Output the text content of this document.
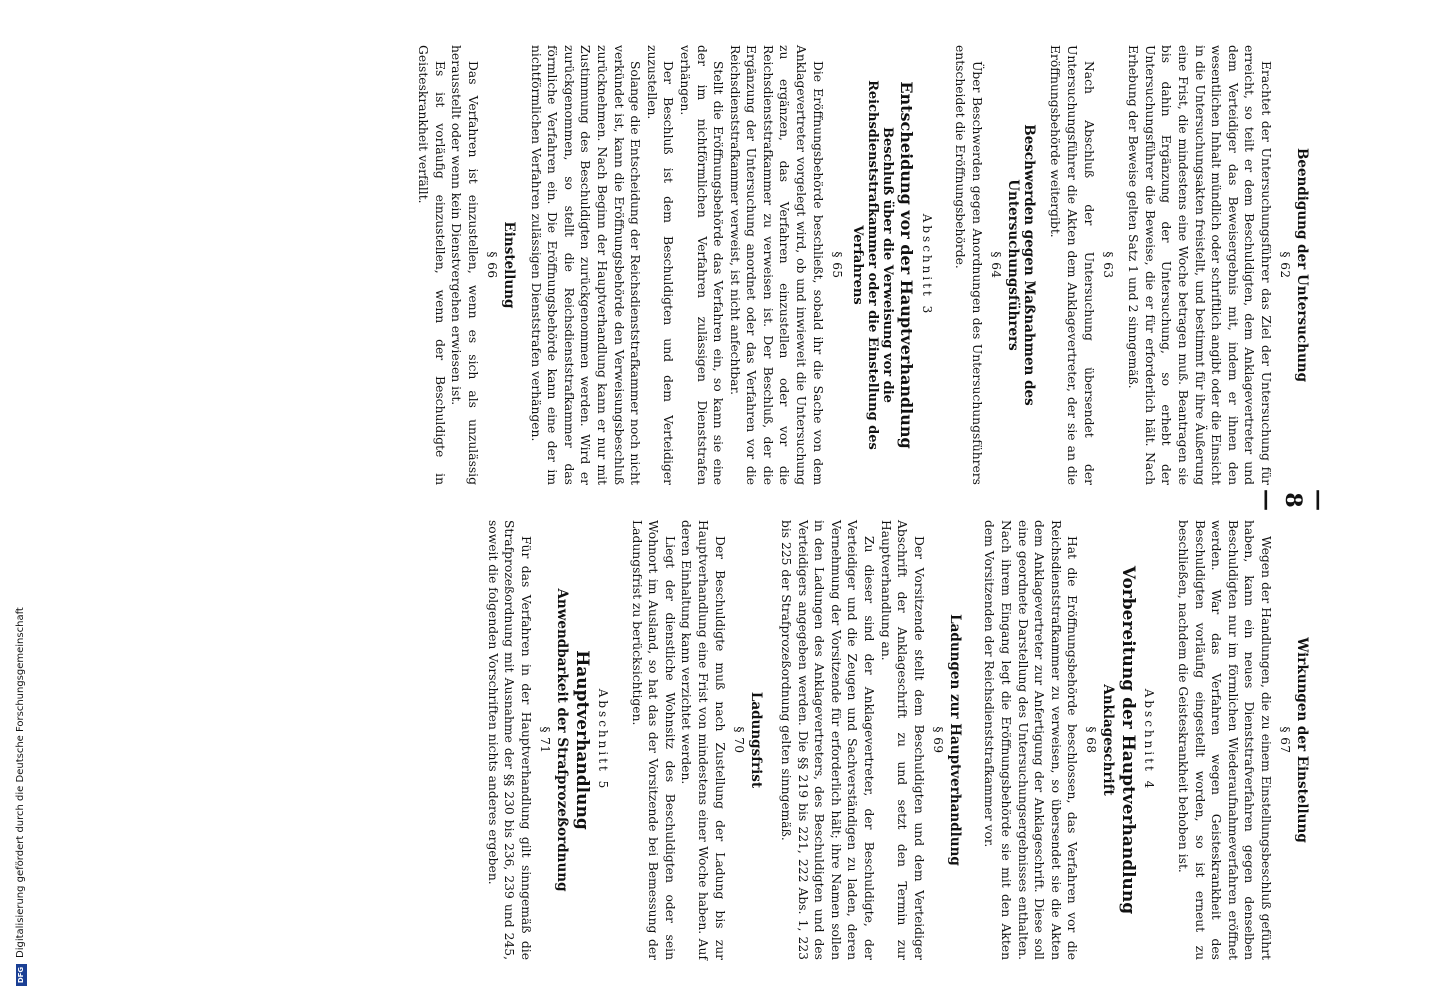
— 8 —
Beendigung der Untersuchung
§ 62

Erachtet der Untersuchungsführer das Ziel der Untersuchung für erreicht, so teilt er dem Beschuldigten, dem Anklagevertreter und dem Verteidiger das Beweisergebnis mit, indem er ihnen den wesentlichen Inhalt mündlich oder schriftlich angibt oder die Einsicht in die Untersuchungsakten freistellt, und bestimmt für ihre Äußerung eine Frist, die mindestens eine Woche betragen muß. Beantragen sie bis dahin Ergänzung der Untersuchung, so erhebt der Untersuchungsführer die Beweise, die er für erforderlich hält. Nach Erhebung der Beweise gelten Satz 1 und 2 sinngemäß.

§ 63

Nach Abschluß der Untersuchung übersendet der Untersuchungsführer die Akten dem Anklagevertreter, der sie an die Eröffnungsbehörde weitergibt.

Beschwerden gegen Maßnahmen des Untersuchungsführers
§ 64

Über Beschwerden gegen Anordnungen des Untersuchungsführers entscheidet die Eröffnungsbehörde.

Abschnitt 3
Entscheidung vor der Hauptverhandlung
Beschluß über die Verweisung vor die Reichsdienststrafkammer oder die Einstellung des Verfahrens
§ 65

Die Eröffnungsbehörde beschließt, sobald ihr die Sache von dem Anklagevertreter vorgelegt wird, ob und inwieweit die Untersuchung zu ergänzen, das Verfahren einzustellen oder vor die Reichsdienststrafkammer zu verweisen ist. Der Beschluß, der die Ergänzung der Untersuchung anordnet oder das Verfahren vor die Reichsdienststrafkammer verweist, ist nicht anfechtbar.

Stellt die Eröffnungsbehörde das Verfahren ein, so kann sie eine der im nichtförmlichen Verfahren zulässigen Dienststrafen verhängen.

Der Beschluß ist dem Beschuldigten und dem Verteidiger zuzustellen.

Solange die Entscheidung der Reichsdienststrafkammer noch nicht verkündet ist, kann die Eröffnungsbehörde den Verweisungsbeschluß zurücknehmen. Nach Beginn der Hauptverhandlung kann er nur mit Zustimmung des Beschuldigten zurückgenommen werden. Wird er zurückgenommen, so stellt die Reichsdienststrafkammer das förmliche Verfahren ein. Die Eröffnungsbehörde kann eine der im nichtförmlichen Verfahren zulässigen Dienststrafen verhängen.

Einstellung
§ 66

Das Verfahren ist einzustellen, wenn es sich als unzulässig herausstellt oder wenn kein Dienstvergehen erwiesen ist.

Es ist vorläufig einzustellen, wenn der Beschuldigte in Geisteskrankheit verfällt.

Wirkungen der Einstellung
§ 67

Wegen der Handlungen, die zu einem Einstellungsbeschluß geführt haben, kann ein neues Dienststrafverfahren gegen denselben Beschuldigten nur im förmlichen Wiederaufnahmeverfahren eröffnet werden. War das Verfahren wegen Geisteskrankheit des Beschuldigten vorläufig eingestellt worden, so ist erneut zu beschließen, nachdem die Geisteskrankheit behoben ist.

Abschnitt 4
Vorbereitung der Hauptverhandlung
Anklageschrift
§ 68

Hat die Eröffnungsbehörde beschlossen, das Verfahren vor die Reichsdienststrafkammer zu verweisen, so übersendet sie die Akten dem Anklagevertreter zur Anfertigung der Anklageschrift. Diese soll eine geordnete Darstellung des Untersuchungsergebnisses enthalten. Nach ihrem Eingang legt die Eröffnungsbehörde sie mit den Akten dem Vorsitzenden der Reichsdienststrafkammer vor.

Ladungen zur Hauptverhandlung
§ 69

Der Vorsitzende stellt dem Beschuldigten und dem Verteidiger Abschrift der Anklageschrift zu und setzt den Termin zur Hauptverhandlung an.

Zu dieser sind der Anklagevertreter, der Beschuldigte, der Verteidiger und die Zeugen und Sachverständigen zu laden, deren Vernehmung der Vorsitzende für erforderlich hält; ihre Namen sollen in den Ladungen des Anklagevertreters, des Beschuldigten und des Verteidigers angegeben werden. Die §§ 219 bis 221, 222 Abs. 1, 223 bis 225 der Strafprozeßordnung gelten sinngemäß.

Ladungsfrist
§ 70

Der Beschuldigte muß nach Zustellung der Ladung bis zur Hauptverhandlung eine Frist von mindestens einer Woche haben. Auf deren Einhaltung kann verzichtet werden.

Liegt der dienstliche Wohnsitz des Beschuldigten oder sein Wohnort im Ausland, so hat das der Vorsitzende bei Bemessung der Ladungsfrist zu berücksichtigen.

Abschnitt 5
Hauptverhandlung
Anwendbarkeit der Strafprozeßordnung
§ 71

Für das Verfahren in der Hauptverhandlung gilt sinngemäß die Strafprozeßordnung mit Ausnahme der §§ 230 bis 236, 239 und 245, soweit die folgenden Vorschriften nichts anderes ergeben.

DFG
Digitalisierung gefördert durch die Deutsche Forschungsgemeinschaft
